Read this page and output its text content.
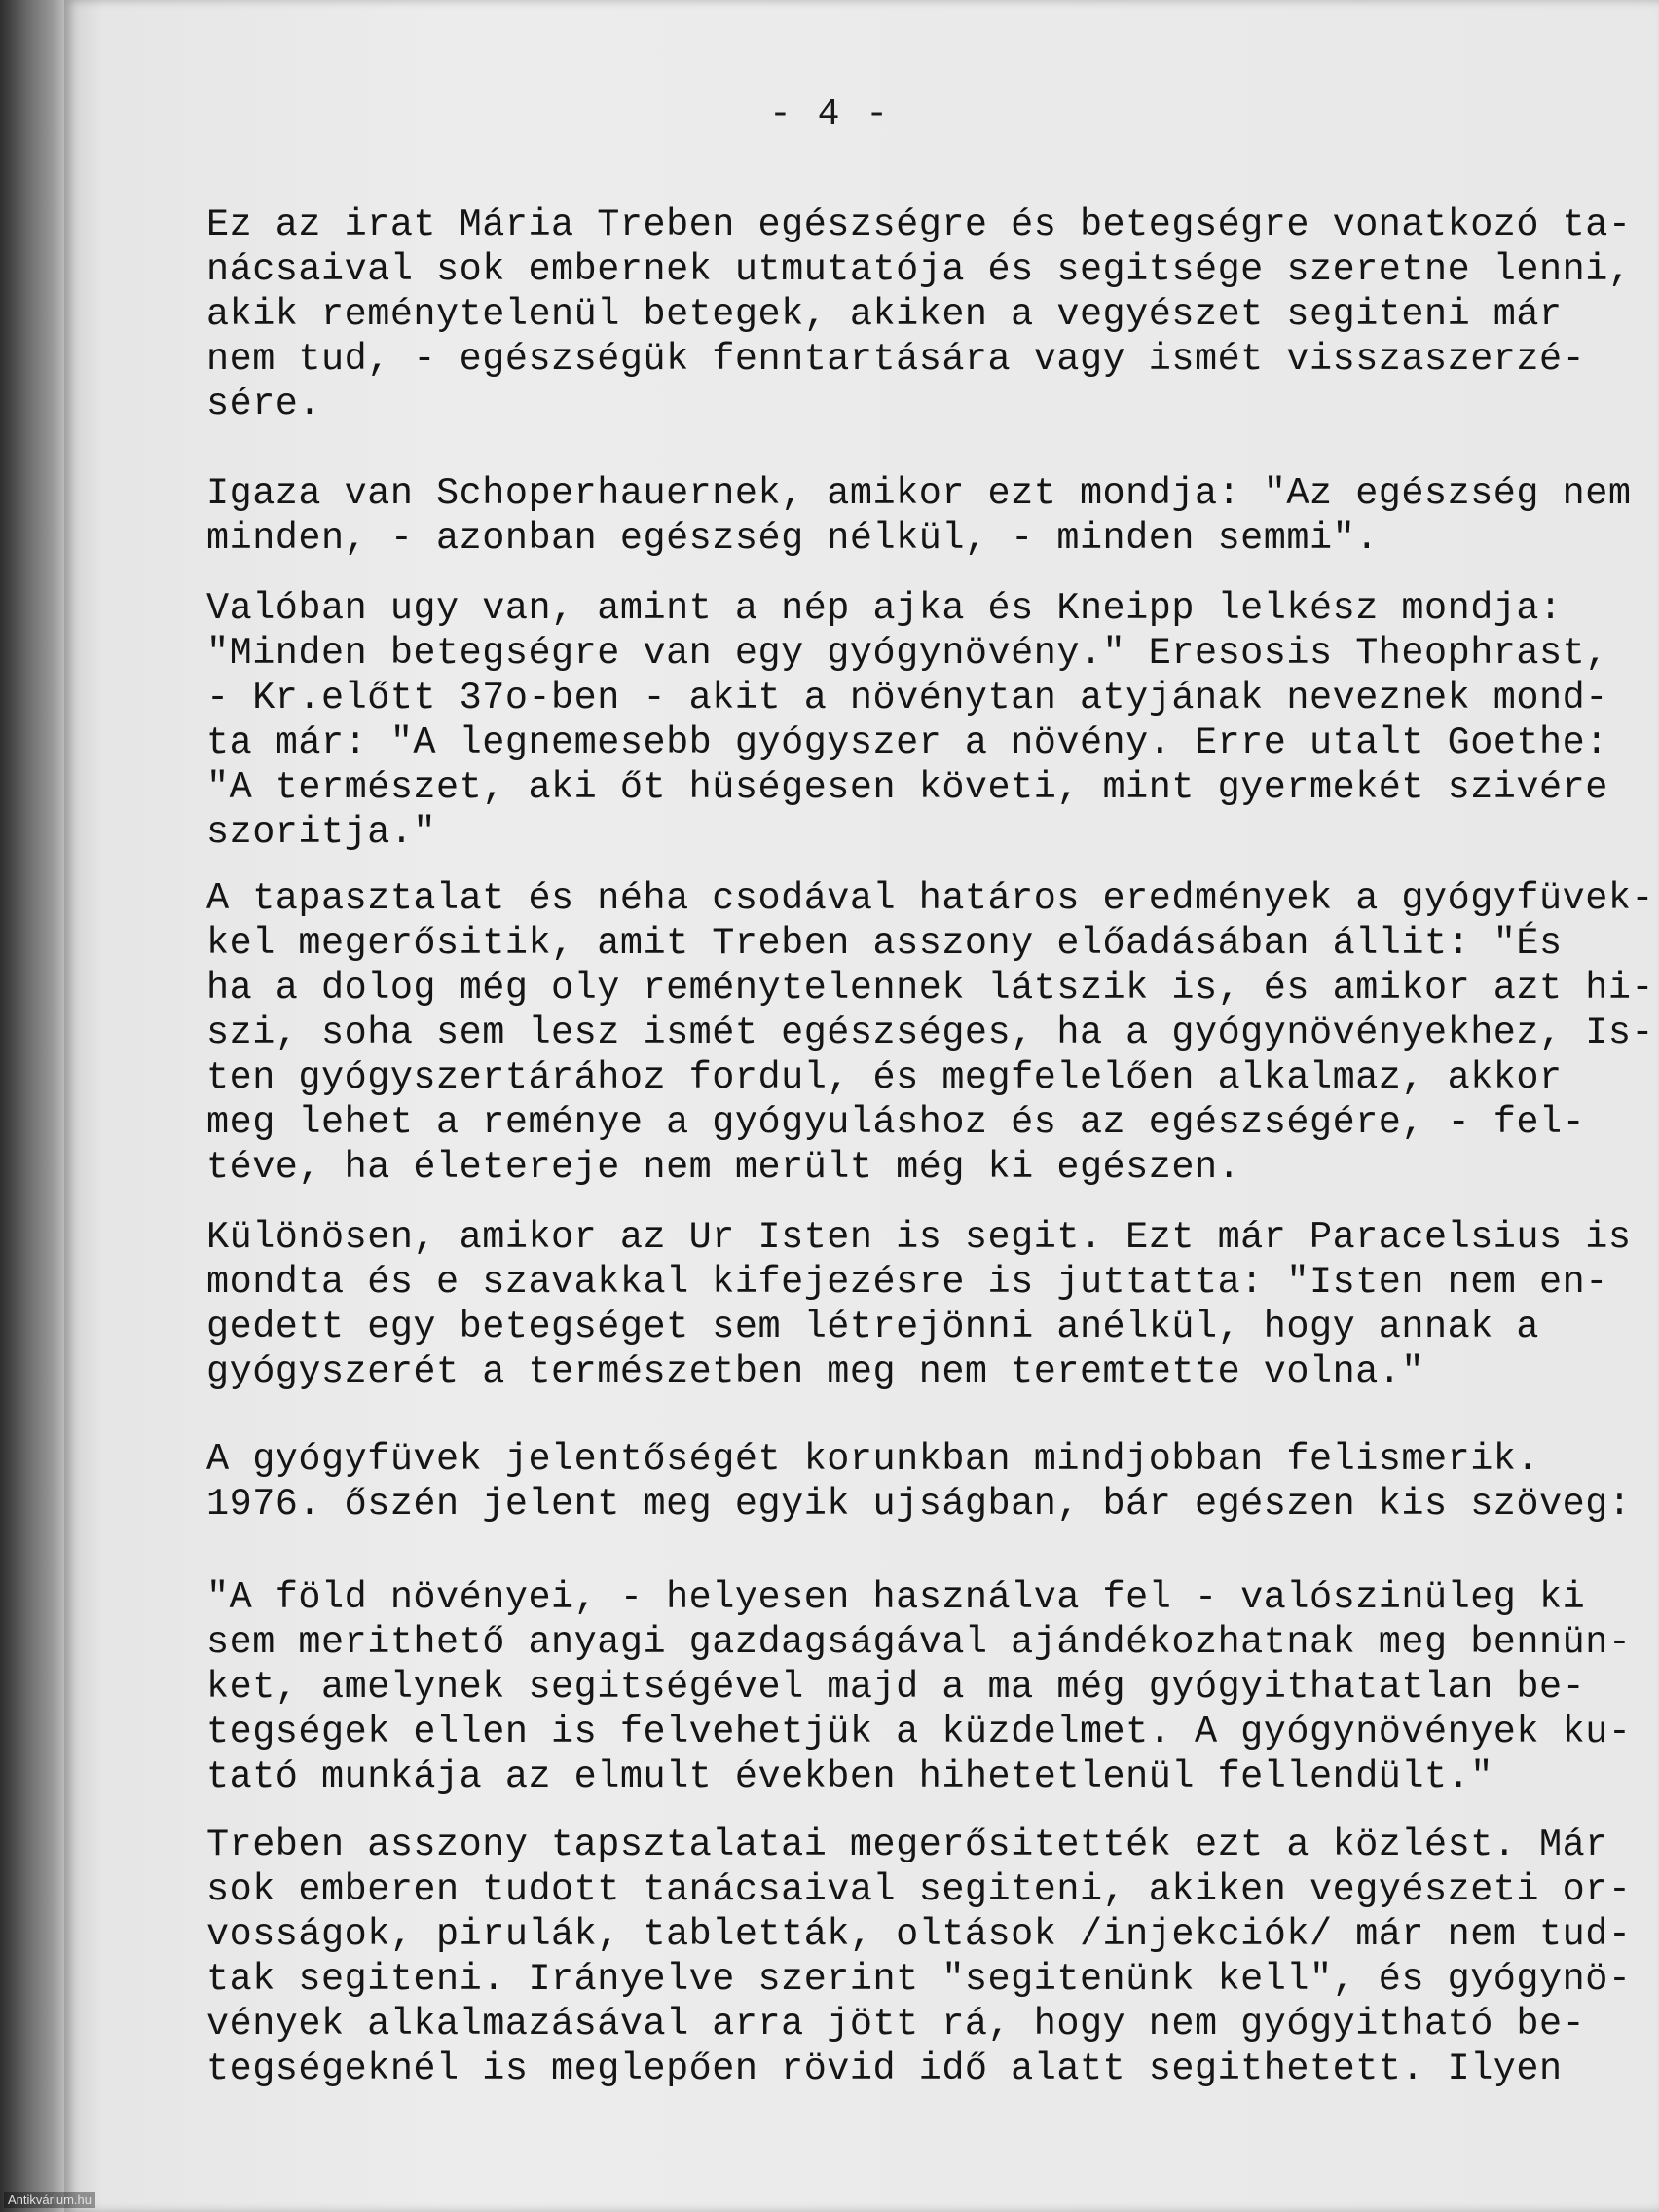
- 4 -

Ez az irat Mária Treben egészségre és betegségre vonatkozó ta-
nácsaival sok embernek utmutatója és segitsége szeretne lenni,
akik reménytelenül betegek, akiken a vegyészet segiteni már
nem tud, - egészségük fenntartására vagy ismét visszaszerzé-
sére.

Igaza van Schoperhauernek, amikor ezt mondja: "Az egészség nem
minden, - azonban egészség nélkül, - minden semmi".

Valóban ugy van, amint a nép ajka és Kneipp lelkész mondja:
"Minden betegségre van egy gyógynövény." Eresosis Theophrast,
- Kr.előtt 37o-ben - akit a növénytan atyjának neveznek mond-
ta már: "A legnemesebb gyógyszer a növény. Erre utalt Goethe:
"A természet, aki őt hüségesen követi, mint gyermekét szivére
szoritja."

A tapasztalat és néha csodával határos eredmények a gyógyfüvek-
kel megerősitik, amit Treben asszony előadásában állit: "És
ha a dolog még oly reménytelennek látszik is, és amikor azt hi-
szi, soha sem lesz ismét egészséges, ha a gyógynövényekhez, Is-
ten gyógyszertárához fordul, és megfelelően alkalmaz, akkor
meg lehet a reménye a gyógyuláshoz és az egészségére, - fel-
téve, ha életereje nem merült még ki egészen.

Különösen, amikor az Ur Isten is segit. Ezt már Paracelsius is
mondta és e szavakkal kifejezésre is juttatta: "Isten nem en-
gedett egy betegséget sem létrejönni anélkül, hogy annak a
gyógyszerét a természetben meg nem teremtette volna."

A gyógyfüvek jelentőségét korunkban mindjobban felismerik.
1976. őszén jelent meg egyik ujságban, bár egészen kis szöveg:

"A föld növényei, - helyesen használva fel - valószinüleg ki
sem merithető anyagi gazdagságával ajándékozhatnak meg bennün-
ket, amelynek segitségével majd a ma még gyógyithatatlan be-
tegségek ellen is felvehetjük a küzdelmet. A gyógynövények ku-
tató munkája az elmult években hihetetlenül fellendült."

Treben asszony tapsztalatai megerősitették ezt a közlést. Már
sok emberen tudott tanácsaival segiteni, akiken vegyészeti or-
vosságok, pirulák, tabletták, oltások /injekciók/ már nem tud-
tak segiteni. Irányelve szerint "segitenünk kell", és gyógynö-
vények alkalmazásával arra jött rá, hogy nem gyógyitható be-
tegségeknél is meglepően rövid idő alatt segithetett. Ilyen

Antikvárium.hu
